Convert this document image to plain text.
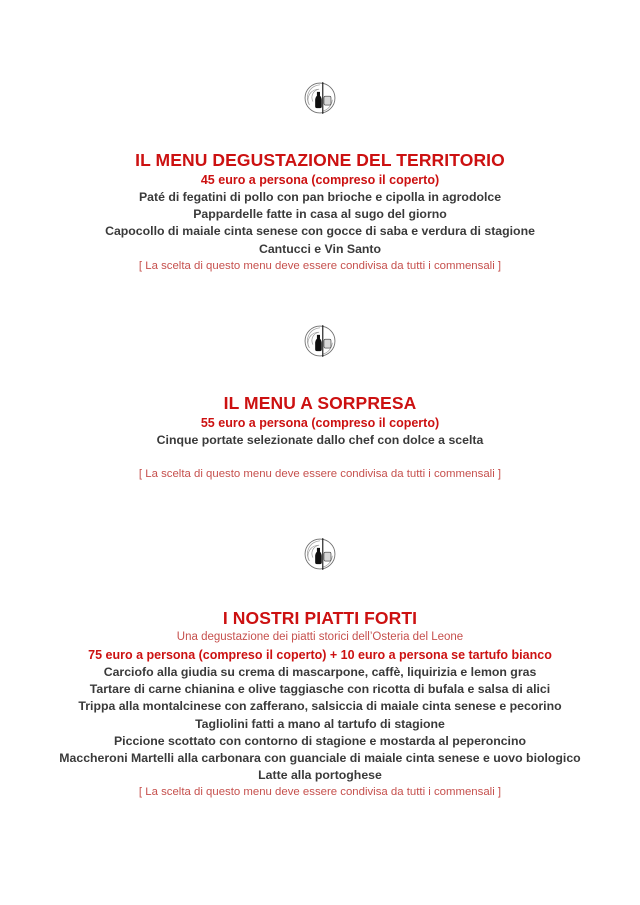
IL MENU DEGUSTAZIONE DEL TERRITORIO
45 euro a persona (compreso il coperto)
Paté di fegatini di pollo con pan brioche e cipolla in agrodolce
Pappardelle fatte in casa al sugo del giorno
Capocollo di maiale cinta senese con gocce di saba e verdura di stagione
Cantucci e Vin Santo
[ La scelta di questo menu deve essere condivisa da tutti i commensali ]
IL MENU A SORPRESA
55 euro a persona (compreso il coperto)
Cinque portate selezionate dallo chef con dolce a scelta
[ La scelta di questo menu deve essere condivisa da tutti i commensali ]
I NOSTRI PIATTI FORTI
Una degustazione dei piatti storici dell’Osteria del Leone
75 euro a persona (compreso il coperto) + 10 euro a persona se tartufo bianco
Carciofo alla giudia su crema di mascarpone, caffè, liquirizia e lemon gras
Tartare di carne chianina e olive taggiasche con ricotta di bufala e salsa di alici
Trippa alla montalcinese con zafferano, salsiccia di maiale cinta senese e pecorino
Tagliolini fatti a mano al tartufo di stagione
Piccione scottato con contorno di stagione e mostarda al peperoncino
Maccheroni Martelli alla carbonara con guanciale di maiale cinta senese e uovo biologico
Latte alla portoghese
[ La scelta di questo menu deve essere condivisa da tutti i commensali ]
